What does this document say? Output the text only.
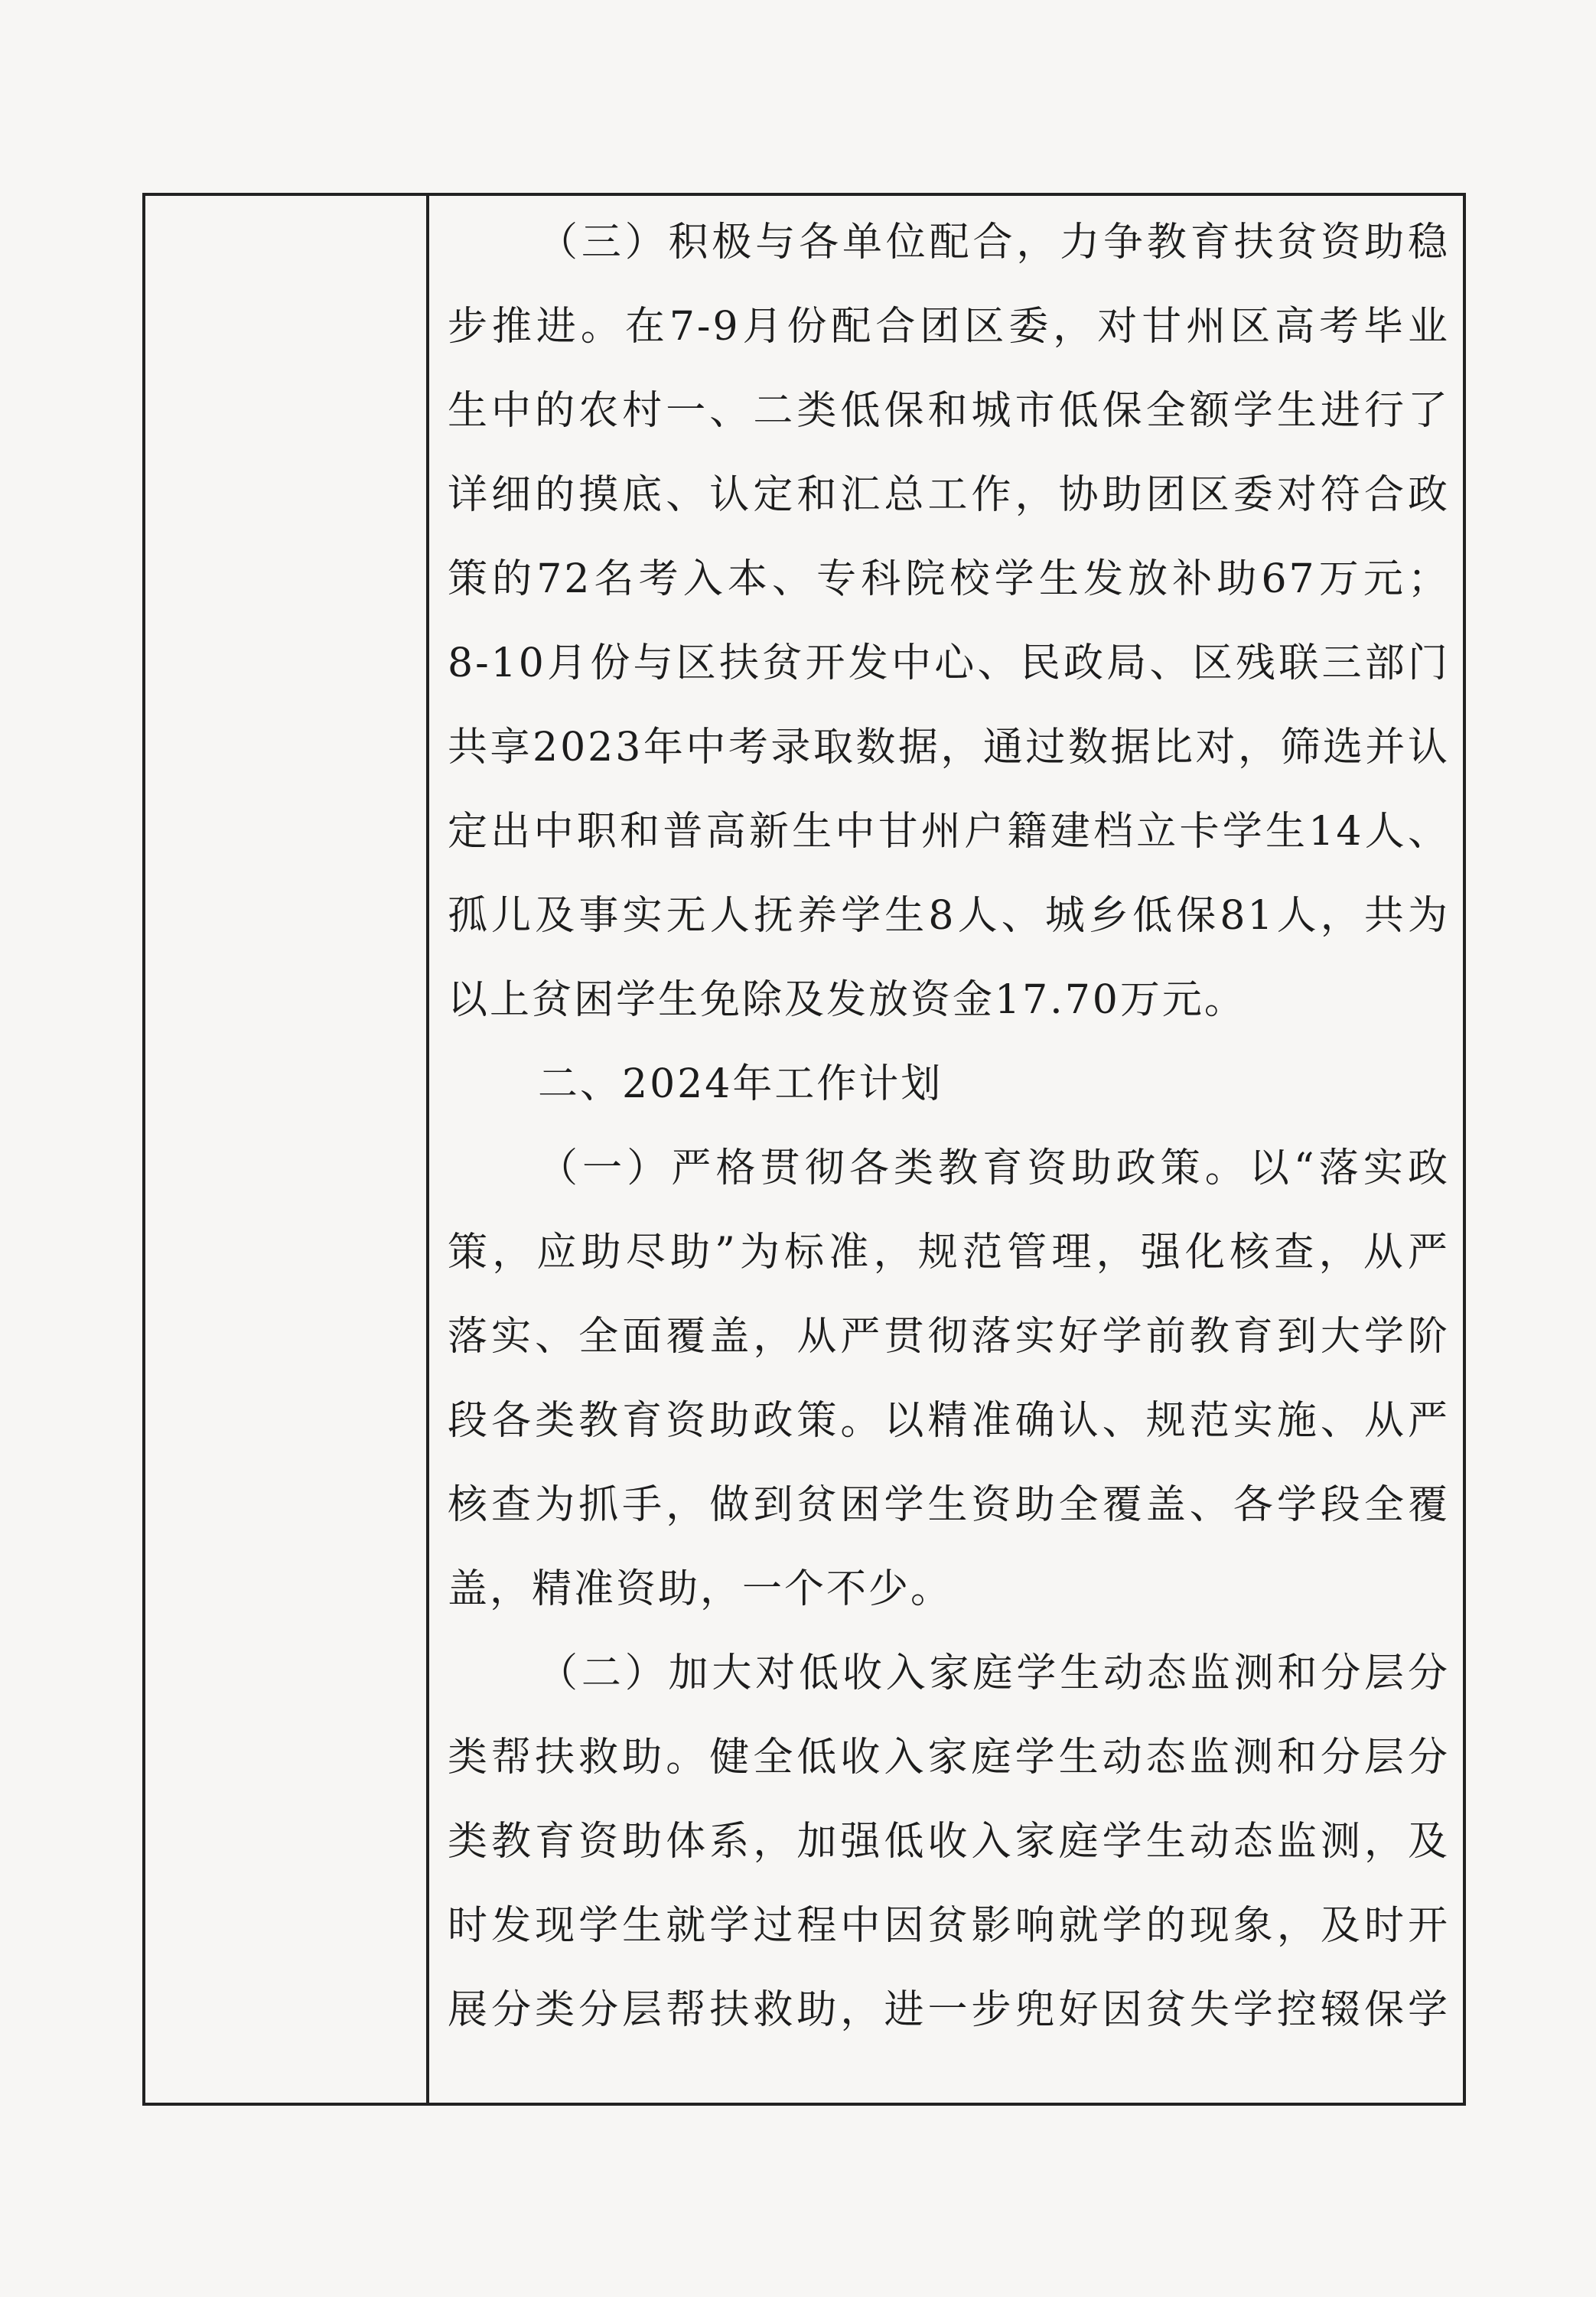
（三）积极与各单位配合，力争教育扶贫资助稳
步推进。在7-9月份配合团区委，对甘州区高考毕业
生中的农村一、二类低保和城市低保全额学生进行了
详细的摸底、认定和汇总工作，协助团区委对符合政
策的72名考入本、专科院校学生发放补助67万元；
8-10月份与区扶贫开发中心、民政局、区残联三部门
共享2023年中考录取数据，通过数据比对，筛选并认
定出中职和普高新生中甘州户籍建档立卡学生14人、
孤儿及事实无人抚养学生8人、城乡低保81人，共为
以上贫困学生免除及发放资金17.70万元。
二、2024年工作计划
（一）严格贯彻各类教育资助政策。以“落实政
策，应助尽助”为标准，规范管理，强化核查，从严
落实、全面覆盖，从严贯彻落实好学前教育到大学阶
段各类教育资助政策。以精准确认、规范实施、从严
核查为抓手，做到贫困学生资助全覆盖、各学段全覆
盖，精准资助，一个不少。
（二）加大对低收入家庭学生动态监测和分层分
类帮扶救助。健全低收入家庭学生动态监测和分层分
类教育资助体系，加强低收入家庭学生动态监测，及
时发现学生就学过程中因贫影响就学的现象，及时开
展分类分层帮扶救助，进一步兜好因贫失学控辍保学
